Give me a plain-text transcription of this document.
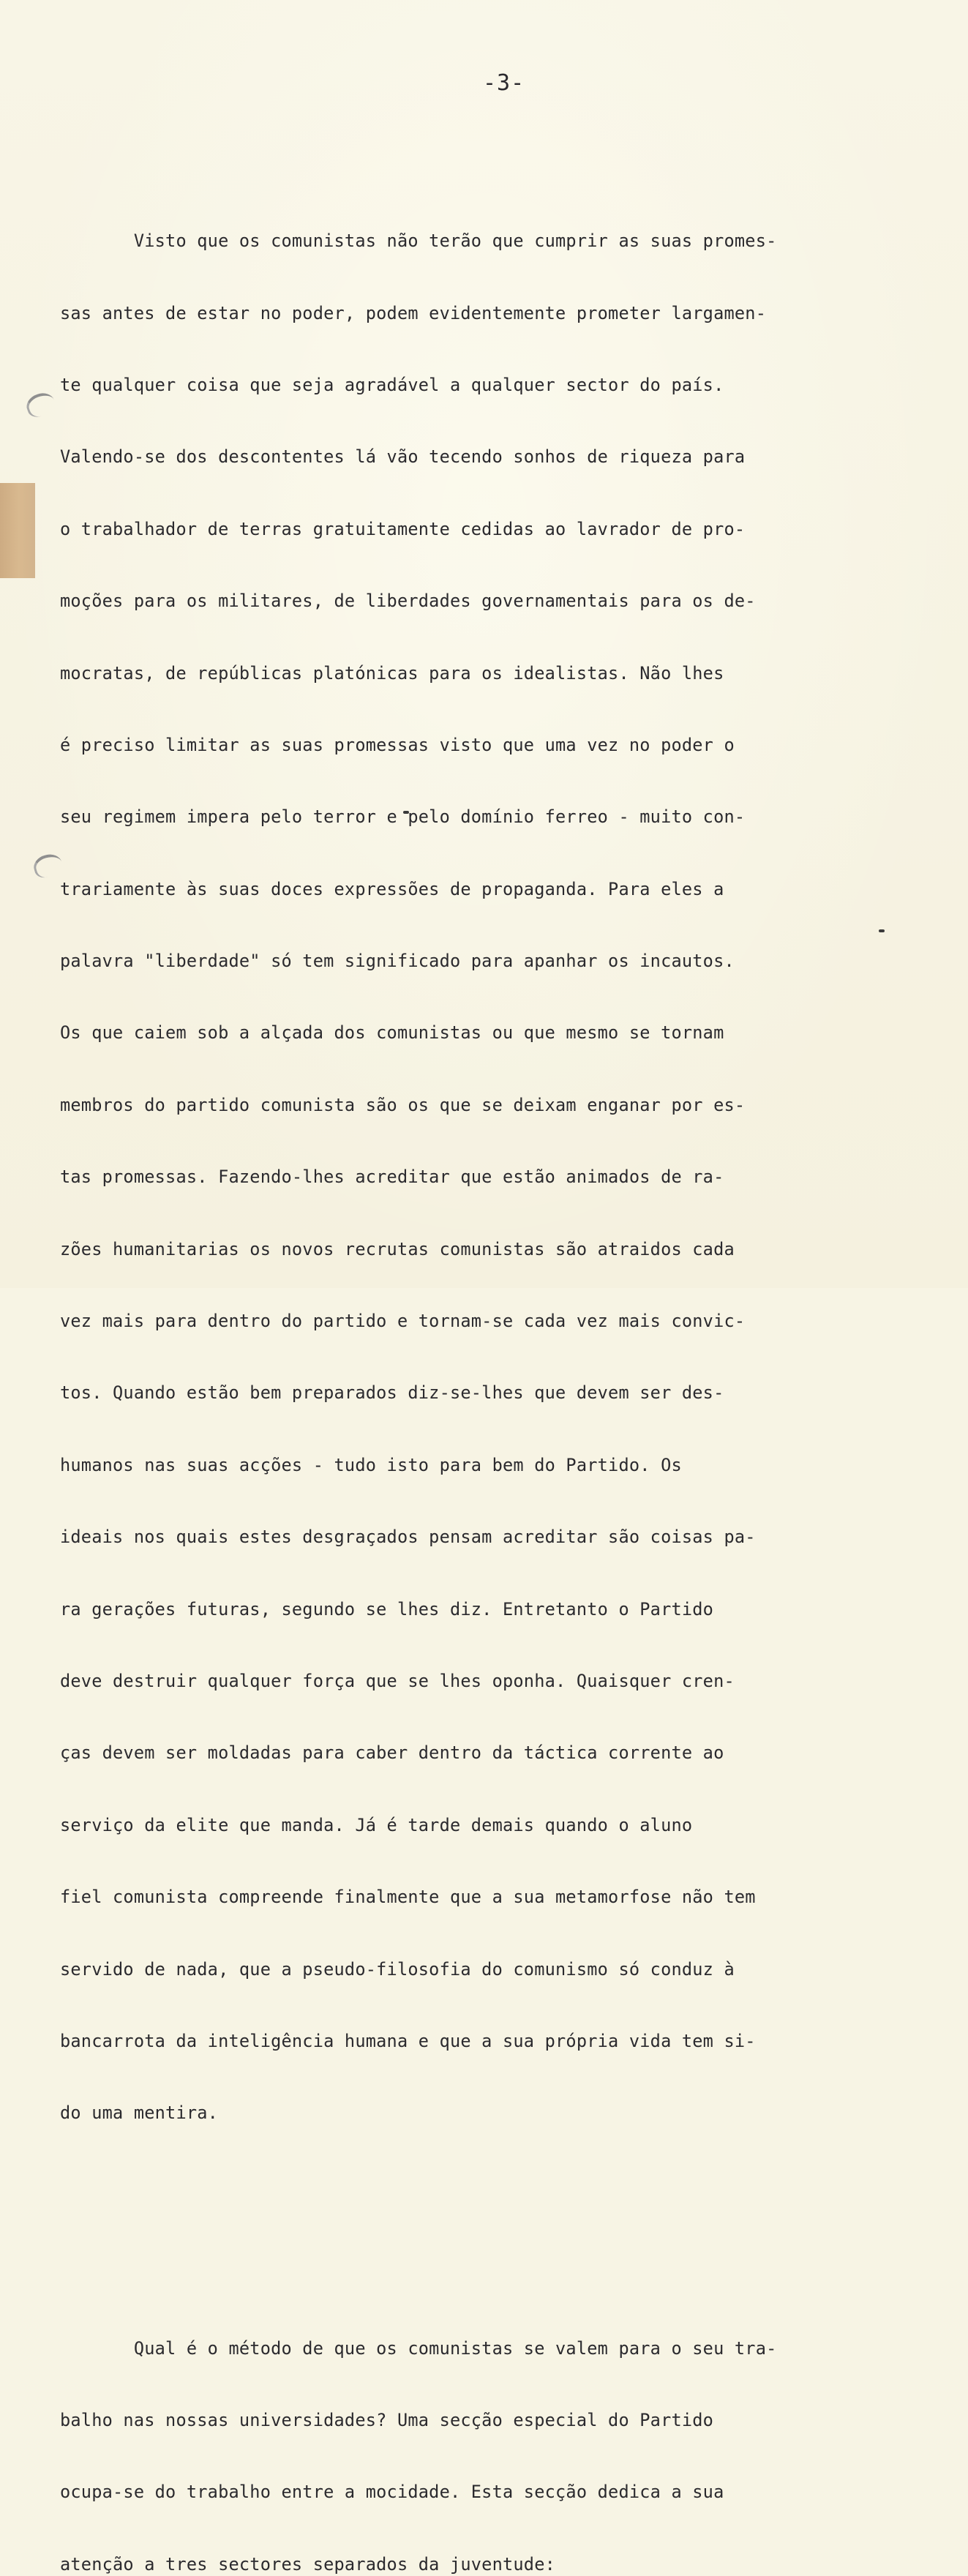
-3-

Visto que os comunistas não terão que cumprir as suas promes-

sas antes de estar no poder, podem evidentemente prometer largamen-

te qualquer coisa que seja agradável a qualquer sector do país.

Valendo-se dos descontentes lá vão tecendo sonhos de riqueza para

o trabalhador de terras gratuitamente cedidas ao lavrador de pro-

moções para os militares, de liberdades governamentais para os de-

mocratas, de repúblicas platónicas para os idealistas. Não lhes

é preciso limitar as suas promessas visto que uma vez no poder o

seu regimem impera pelo terror e pelo domínio ferreo - muito con-

trariamente às suas doces expressões de propaganda. Para eles a

palavra "liberdade" só tem significado para apanhar os incautos.

Os que caiem sob a alçada dos comunistas ou que mesmo se tornam

membros do partido comunista são os que se deixam enganar por es-

tas promessas. Fazendo-lhes acreditar que estão animados de ra-

zões humanitarias os novos recrutas comunistas são atraidos cada

vez mais para dentro do partido e tornam-se cada vez mais convic-

tos. Quando estão bem preparados diz-se-lhes que devem ser des-

humanos nas suas acções - tudo isto para bem do Partido. Os

ideais nos quais estes desgraçados pensam acreditar são coisas pa-

ra gerações futuras, segundo se lhes diz. Entretanto o Partido

deve destruir qualquer força que se lhes oponha. Quaisquer cren-

ças devem ser moldadas para caber dentro da táctica corrente ao

serviço da elite que manda. Já é tarde demais quando o aluno

fiel comunista compreende finalmente que a sua metamorfose não tem

servido de nada, que a pseudo-filosofia do comunismo só conduz à

bancarrota da inteligência humana e que a sua própria vida tem si-

do uma mentira.

Qual é o método de que os comunistas se valem para o seu tra-

balho nas nossas universidades? Uma secção especial do Partido

ocupa-se do trabalho entre a mocidade. Esta secção dedica a sua

atenção a tres sectores separados da juventude:
